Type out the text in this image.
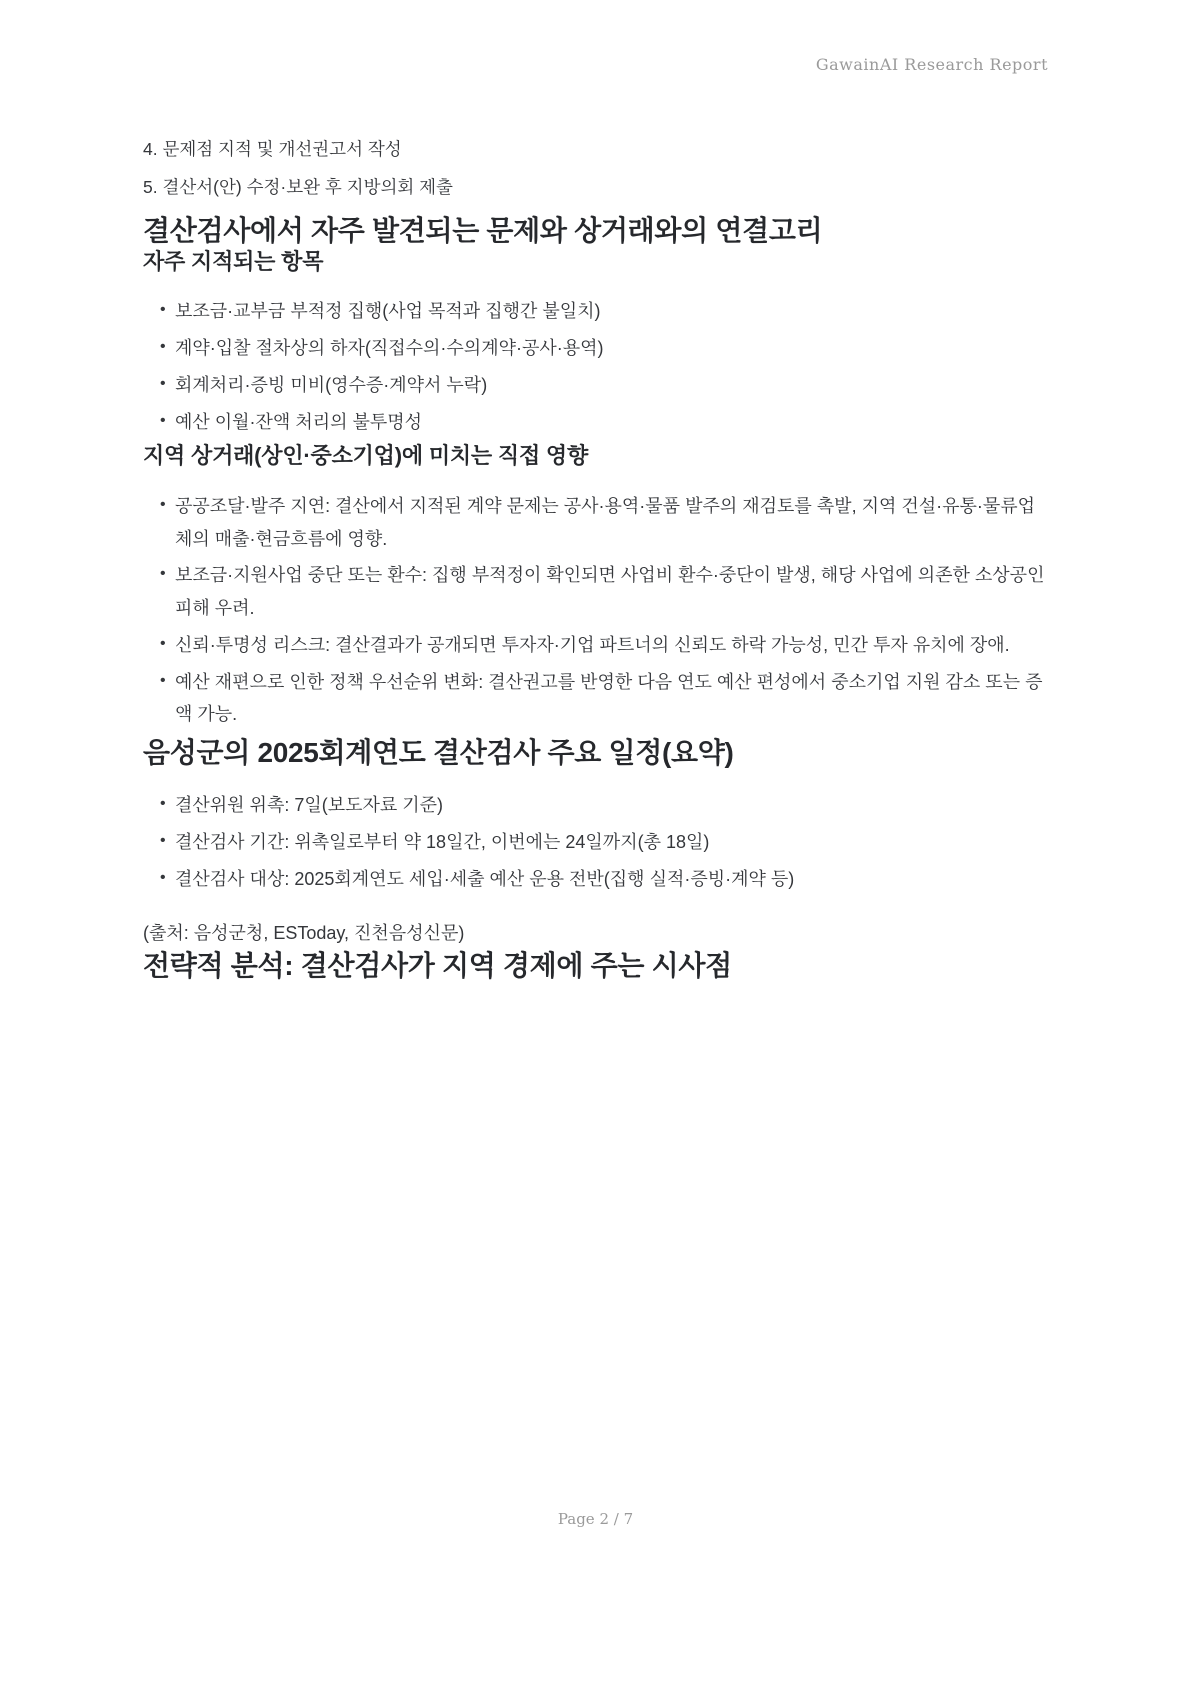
GawainAI Research Report

4. 문제점 지적 및 개선권고서 작성

5. 결산서(안) 수정·보완 후 지방의회 제출

결산검사에서 자주 발견되는 문제와 상거래와의 연결고리
자주 지적되는 항목
• 보조금·교부금 부적정 집행(사업 목적과 집행간 불일치)
• 계약·입찰 절차상의 하자(직접수의·수의계약·공사·용역)
• 회계처리·증빙 미비(영수증·계약서 누락)
• 예산 이월·잔액 처리의 불투명성
지역 상거래(상인·중소기업)에 미치는 직접 영향
• 공공조달·발주 지연: 결산에서 지적된 계약 문제는 공사·용역·물품 발주의 재검토를 촉발, 지역 건설·유통·물류업체의 매출·현금흐름에 영향.
• 보조금·지원사업 중단 또는 환수: 집행 부적정이 확인되면 사업비 환수·중단이 발생, 해당 사업에 의존한 소상공인 피해 우려.
• 신뢰·투명성 리스크: 결산결과가 공개되면 투자자·기업 파트너의 신뢰도 하락 가능성, 민간 투자 유치에 장애.
• 예산 재편으로 인한 정책 우선순위 변화: 결산권고를 반영한 다음 연도 예산 편성에서 중소기업 지원 감소 또는 증액 가능.
음성군의 2025회계연도 결산검사 주요 일정(요약)
• 결산위원 위촉: 7일(보도자료 기준)
• 결산검사 기간: 위촉일로부터 약 18일간, 이번에는 24일까지(총 18일)
• 결산검사 대상: 2025회계연도 세입·세출 예산 운용 전반(집행 실적·증빙·계약 등)

(출처: 음성군청, ESToday, 진천음성신문)

전략적 분석: 결산검사가 지역 경제에 주는 시사점
Page 2 / 7
